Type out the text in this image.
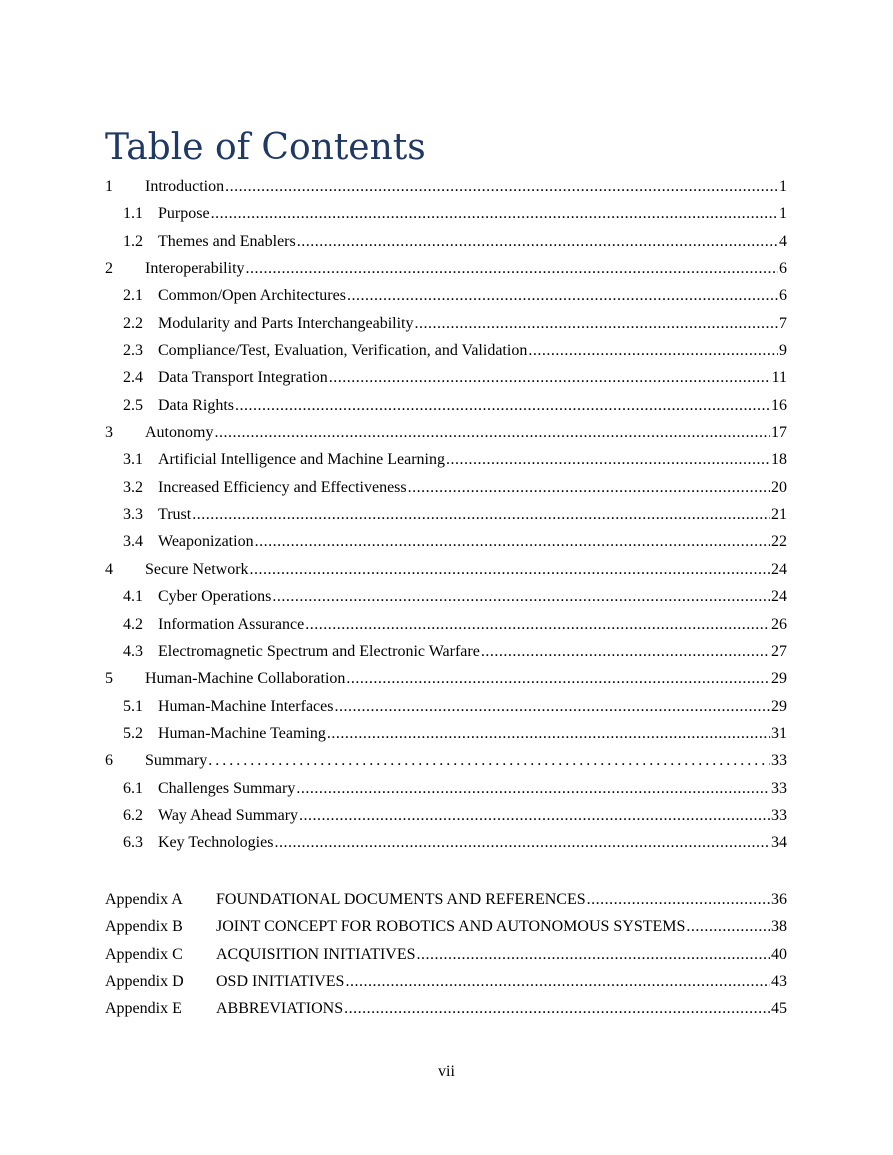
Table of Contents
1	Introduction .....	1
1.1 Purpose .....	1
1.2 Themes and Enablers .....	4
2	Interoperability .....	6
2.1 Common/Open Architectures .....	6
2.2 Modularity and Parts Interchangeability .....	7
2.3 Compliance/Test, Evaluation, Verification, and Validation .....	9
2.4 Data Transport Integration .....	11
2.5 Data Rights .....	16
3	Autonomy .....	17
3.1 Artificial Intelligence and Machine Learning .....	18
3.2 Increased Efficiency and Effectiveness .....	20
3.3 Trust .....	21
3.4 Weaponization .....	22
4	Secure Network .....	24
4.1 Cyber Operations .....	24
4.2 Information Assurance .....	26
4.3 Electromagnetic Spectrum and Electronic Warfare .....	27
5	Human-Machine Collaboration .....	29
5.1 Human-Machine Interfaces .....	29
5.2 Human-Machine Teaming .....	31
6	Summary .....	33
6.1 Challenges Summary .....	33
6.2 Way Ahead Summary .....	33
6.3 Key Technologies .....	34
Appendix A	FOUNDATIONAL DOCUMENTS AND REFERENCES .....	36
Appendix B	JOINT CONCEPT FOR ROBOTICS AND AUTONOMOUS SYSTEMS .....	38
Appendix C	ACQUISITION INITIATIVES .....	40
Appendix D	OSD INITIATIVES .....	43
Appendix E	ABBREVIATIONS .....	45
vii
